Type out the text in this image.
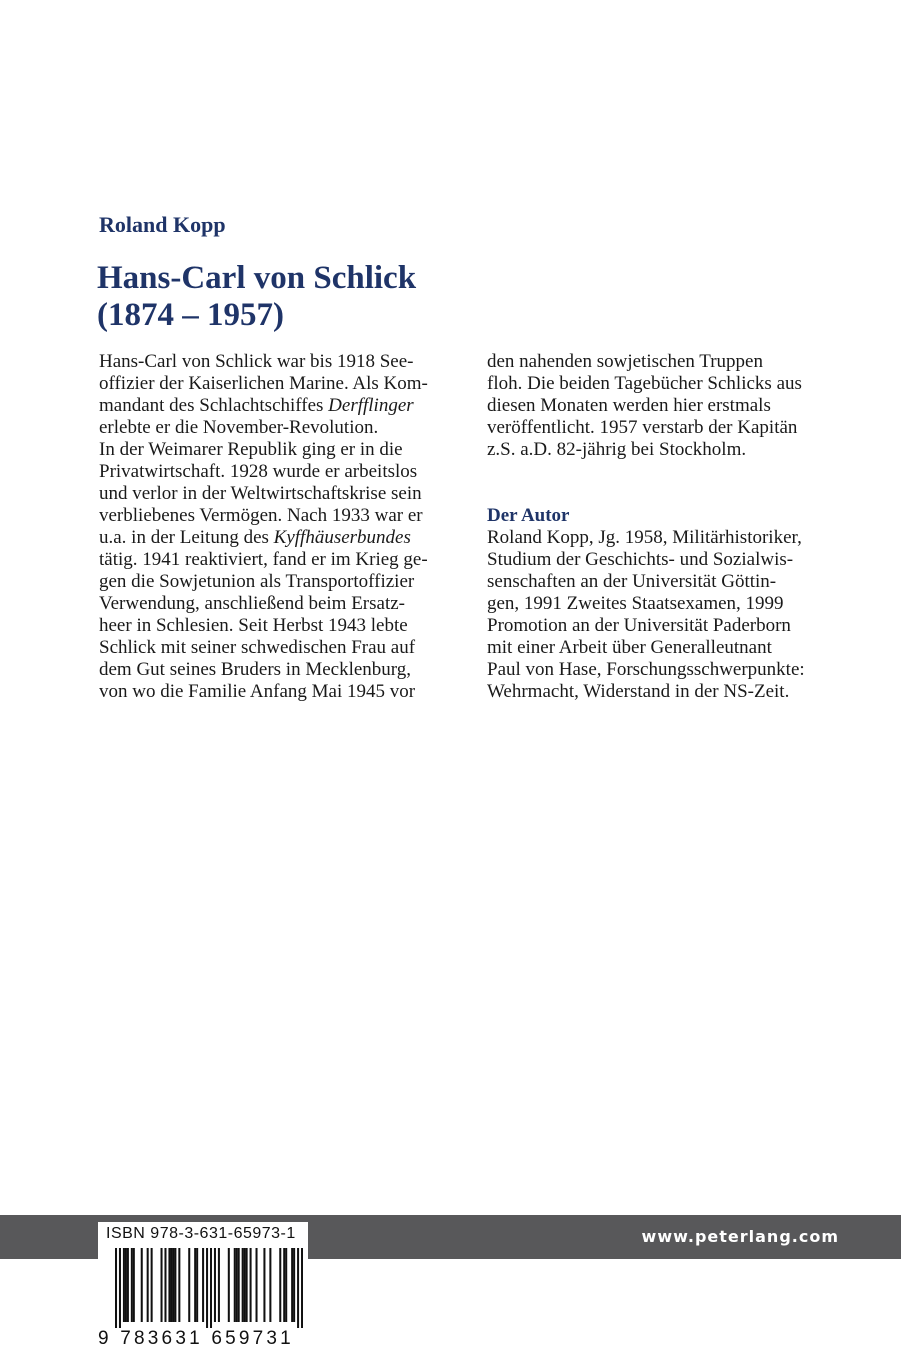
Roland Kopp
Hans-Carl von Schlick
(1874 – 1957)
Hans-Carl von Schlick war bis 1918 See-
offizier der Kaiserlichen Marine. Als Kom-
mandant des Schlachtschiffes Derfflinger
erlebte er die November-Revolution.
In der Weimarer Republik ging er in die
Privatwirtschaft. 1928 wurde er arbeitslos
und verlor in der Weltwirtschaftskrise sein
verbliebenes Vermögen. Nach 1933 war er
u.a. in der Leitung des Kyffhäuserbundes
tätig. 1941 reaktiviert, fand er im Krieg ge-
gen die Sowjetunion als Transportoffizier
Verwendung, anschließend beim Ersatz-
heer in Schlesien. Seit Herbst 1943 lebte
Schlick mit seiner schwedischen Frau auf
dem Gut seines Bruders in Mecklenburg,
von wo die Familie Anfang Mai 1945 vor
den nahenden sowjetischen Truppen
floh. Die beiden Tagebücher Schlicks aus
diesen Monaten werden hier erstmals
veröffentlicht. 1957 verstarb der Kapitän
z.S. a.D. 82-jährig bei Stockholm.
Der Autor
Roland Kopp, Jg. 1958, Militärhistoriker,
Studium der Geschichts- und Sozialwis-
senschaften an der Universität Göttin-
gen, 1991 Zweites Staatsexamen, 1999
Promotion an der Universität Paderborn
mit einer Arbeit über Generalleutnant
Paul von Hase, Forschungsschwerpunkte:
Wehrmacht, Widerstand in der NS-Zeit.

www.peterlang.com

ISBN 978-3-631-65973-1

9 783631 659731
